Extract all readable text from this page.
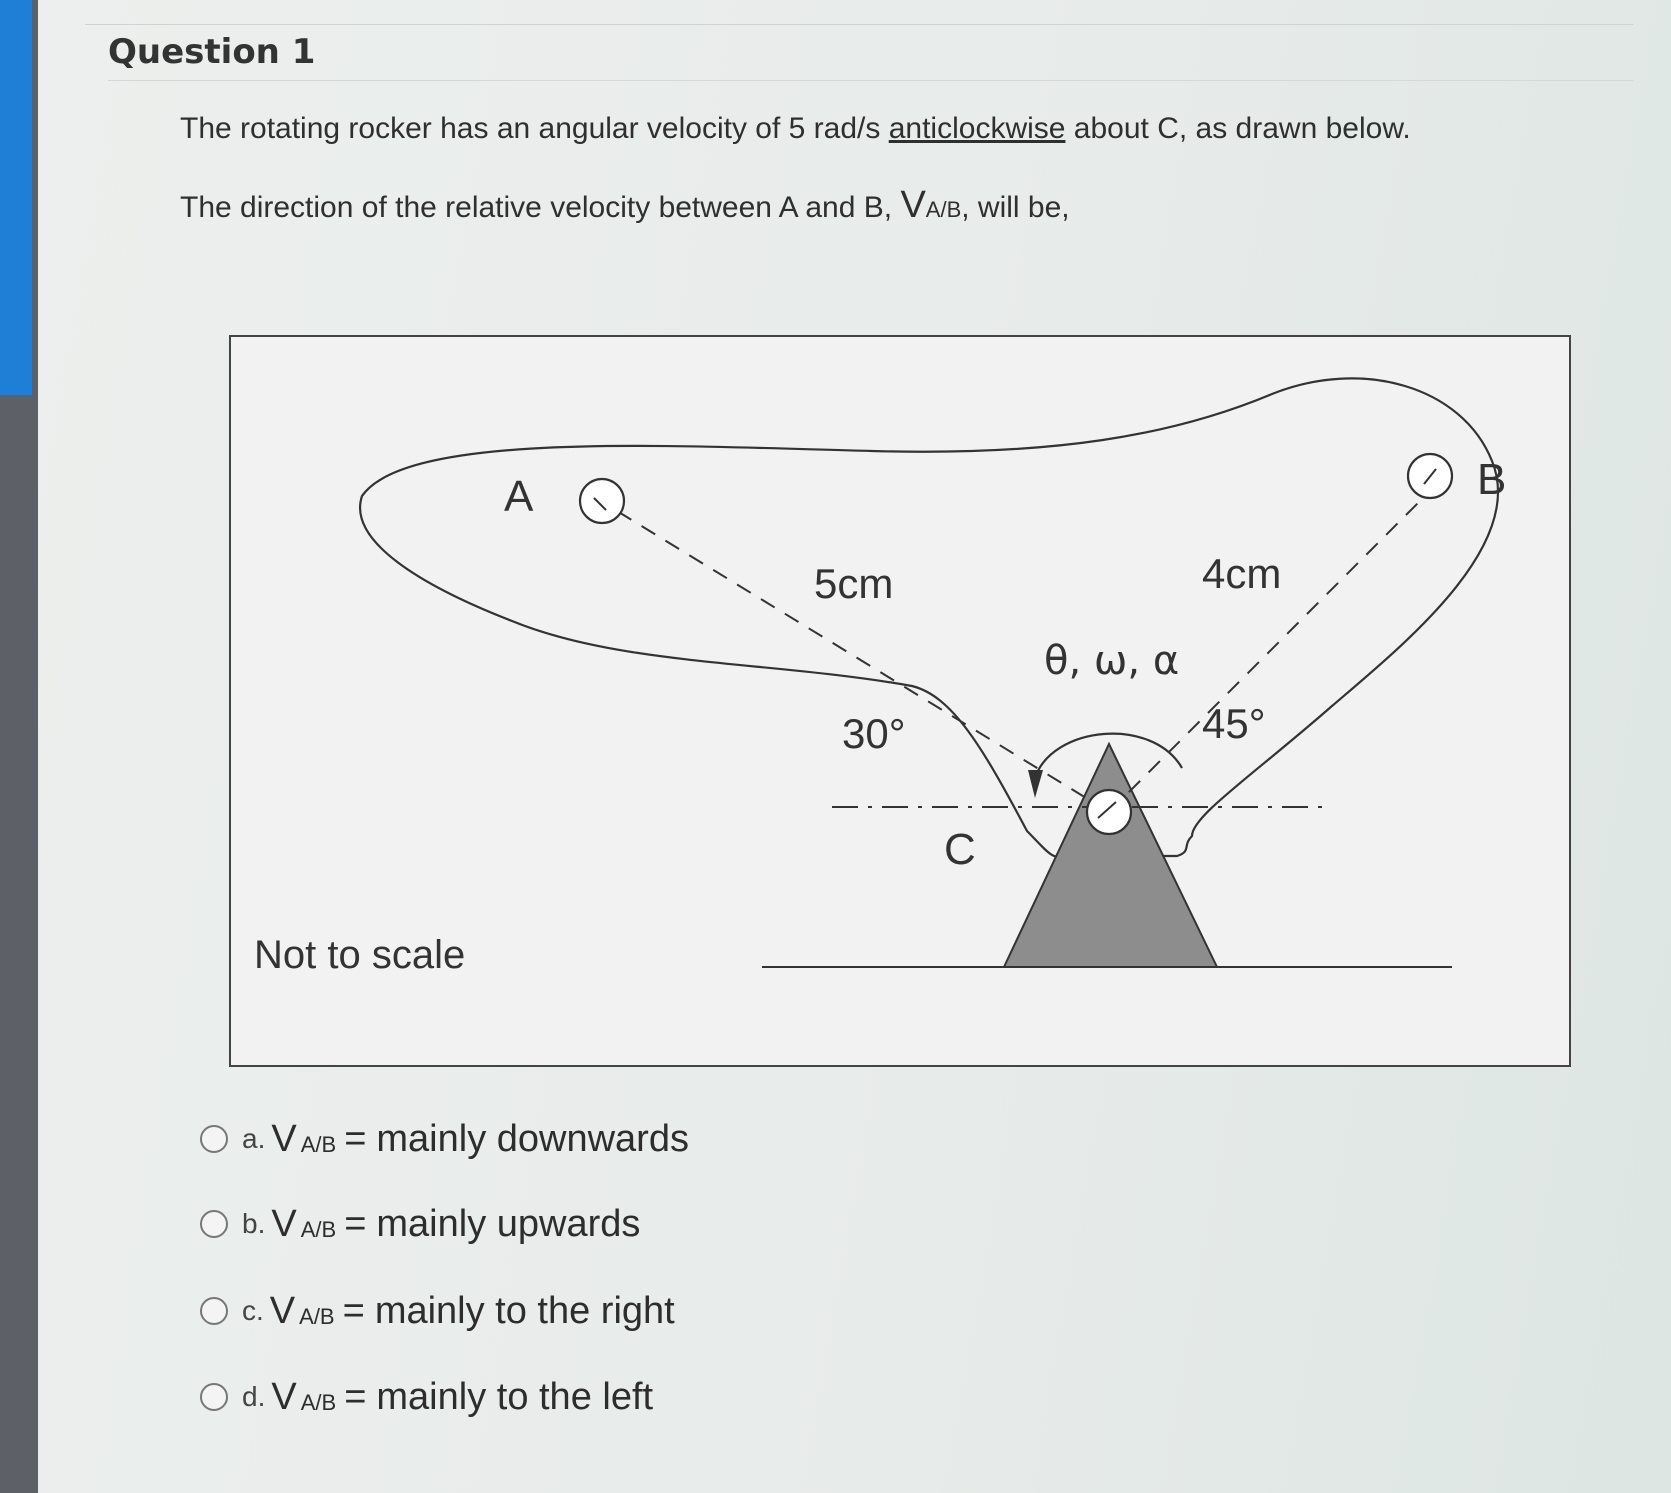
Question 1
The rotating rocker has an angular velocity of 5 rad/s anticlockwise about C, as drawn below.
The direction of the relative velocity between A and B, VA/B, will be,
A	B
C
5cm	4cm
30°	45°
θ, ω, α
Not to scale
a. V A/B = mainly downwards
b. V A/B = mainly upwards
c. V A/B = mainly to the right
d. V A/B = mainly to the left
